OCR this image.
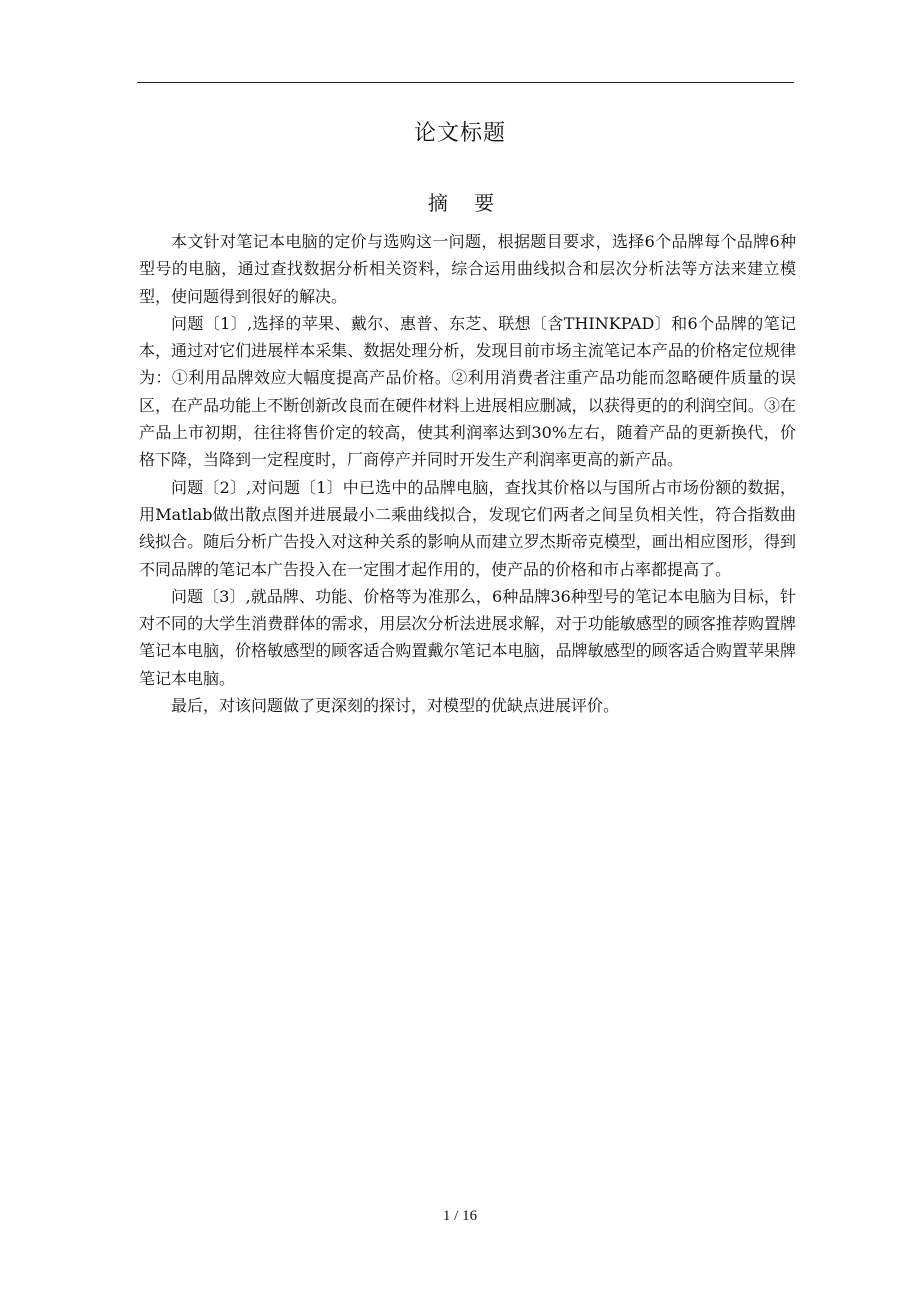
论文标题
摘 要

本文针对笔记本电脑的定价与选购这一问题，根据题目要求，选择6个品牌每个品牌6种型号的电脑，通过查找数据分析相关资料，综合运用曲线拟合和层次分析法等方法来建立模型，使问题得到很好的解决。

问题〔1〕,选择的苹果、戴尔、惠普、东芝、联想〔含THINKPAD〕和6个品牌的笔记本，通过对它们进展样本采集、数据处理分析，发现目前市场主流笔记本产品的价格定位规律为：①利用品牌效应大幅度提高产品价格。②利用消费者注重产品功能而忽略硬件质量的误区，在产品功能上不断创新改良而在硬件材料上进展相应删减，以获得更的的利润空间。③在产品上市初期，往往将售价定的较高，使其利润率达到30%左右，随着产品的更新换代，价格下降，当降到一定程度时，厂商停产并同时开发生产利润率更高的新产品。

问题〔2〕,对问题〔1〕中已选中的品牌电脑，查找其价格以与国所占市场份额的数据，用Matlab做出散点图并进展最小二乘曲线拟合，发现它们两者之间呈负相关性，符合指数曲线拟合。随后分析广告投入对这种关系的影响从而建立罗杰斯帝克模型，画出相应图形，得到不同品牌的笔记本广告投入在一定围才起作用的，使产品的价格和市占率都提高了。

问题〔3〕,就品牌、功能、价格等为准那么，6种品牌36种型号的笔记本电脑为目标，针对不同的大学生消费群体的需求，用层次分析法进展求解，对于功能敏感型的顾客推荐购置牌笔记本电脑，价格敏感型的顾客适合购置戴尔笔记本电脑，品牌敏感型的顾客适合购置苹果牌笔记本电脑。

最后，对该问题做了更深刻的探讨，对模型的优缺点进展评价。

1 / 16
